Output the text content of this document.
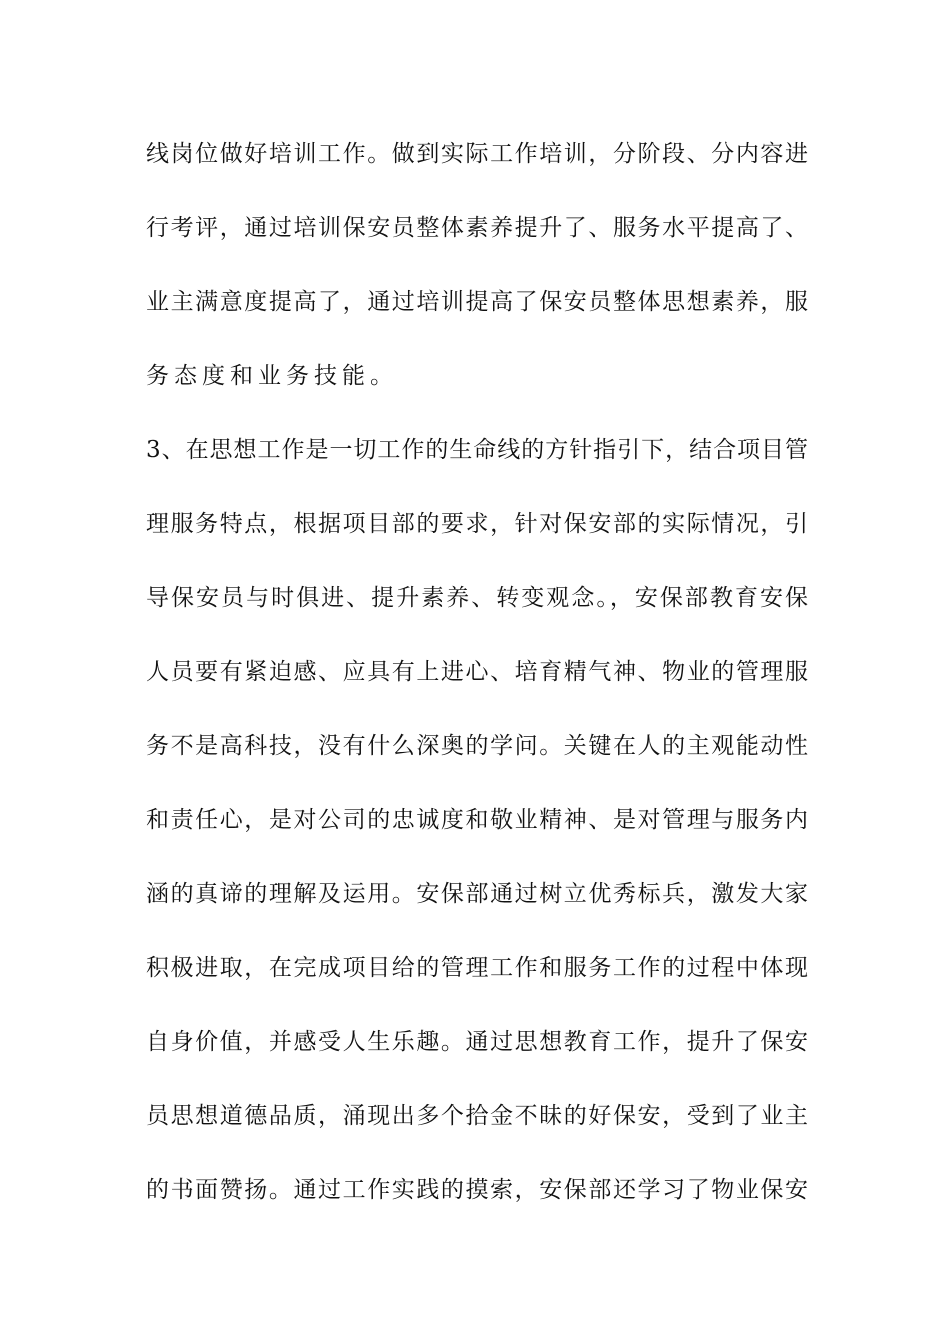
线岗位做好培训工作。做到实际工作培训，分阶段、分内容进
行考评，通过培训保安员整体素养提升了、服务水平提高了、
业主满意度提高了，通过培训提高了保安员整体思想素养，服
务态度和业务技能。
3、在思想工作是一切工作的生命线的方针指引下，结合项目管
理服务特点，根据项目部的要求，针对保安部的实际情况，引
导保安员与时俱进、提升素养、转变观念。，安保部教育安保
人员要有紧迫感、应具有上进心、培育精气神、物业的管理服
务不是高科技，没有什么深奥的学问。关键在人的主观能动性
和责任心，是对公司的忠诚度和敬业精神、是对管理与服务内
涵的真谛的理解及运用。安保部通过树立优秀标兵，激发大家
积极进取，在完成项目给的管理工作和服务工作的过程中体现
自身价值，并感受人生乐趣。通过思想教育工作，提升了保安
员思想道德品质，涌现出多个拾金不昧的好保安，受到了业主
的书面赞扬。通过工作实践的摸索，安保部还学习了物业保安
